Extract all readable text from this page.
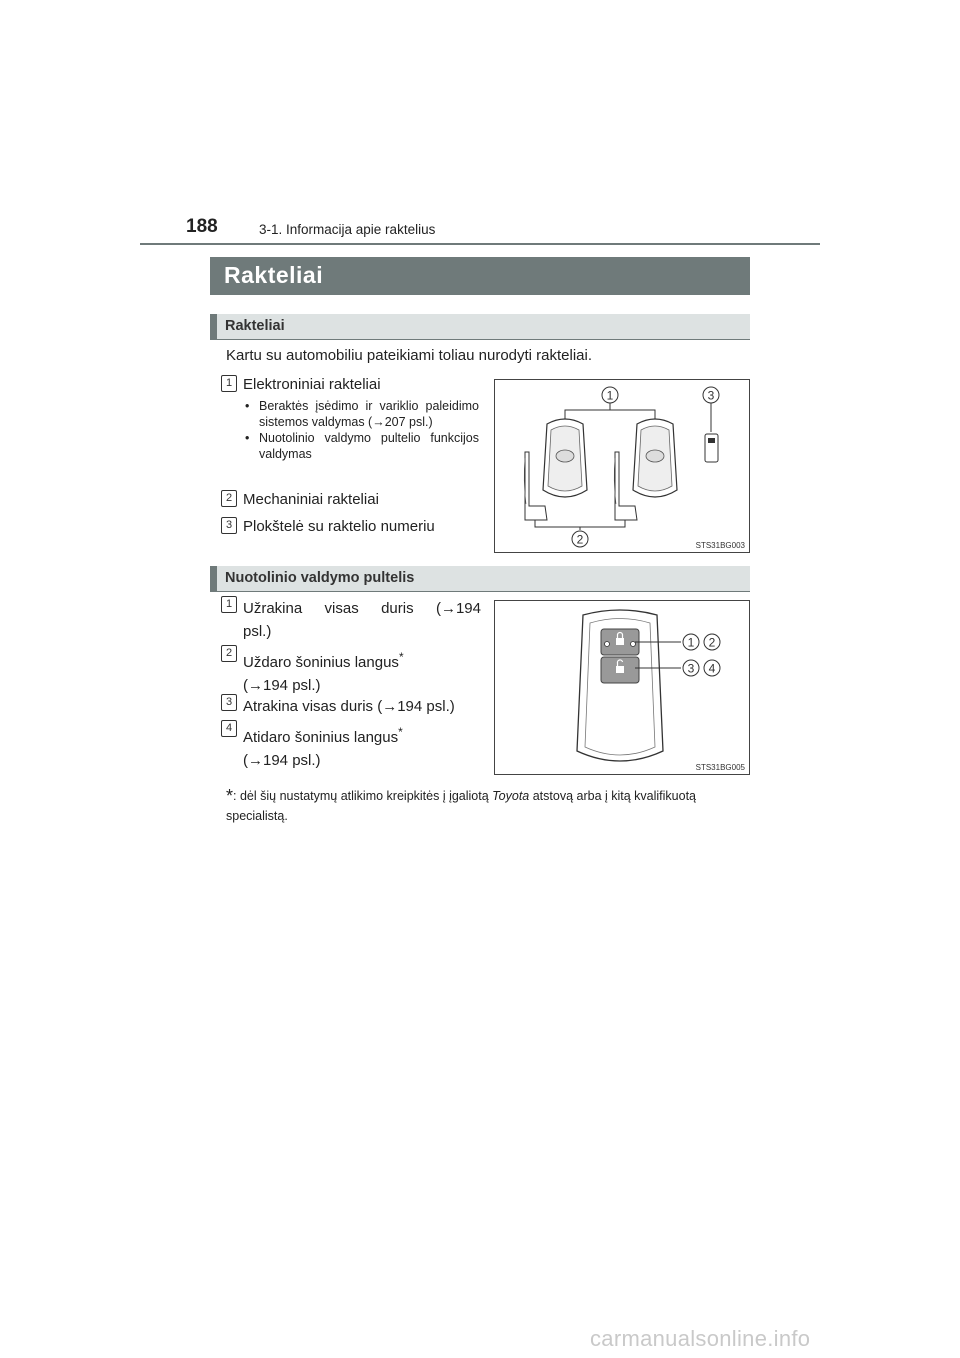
188	3-1. Informacija apie raktelius
Rakteliai
Rakteliai
Kartu su automobiliu pateikiami toliau nurodyti rakteliai.
1 Elektroniniai rakteliai
• Beraktės įsėdimo ir variklio paleidimo sistemos valdymas (→207 psl.)
• Nuotolinio valdymo pultelio funkcijos valdymas
2 Mechaniniai rakteliai
3 Plokštelė su raktelio numeriu
1	3
2	STS31BG003
Nuotolinio valdymo pultelis
1 Užrakina visas duris (→194
psl.)
2
Uždaro šoninius langus*
(→194 psl.)
3 Atrakina visas duris (→194 psl.)
4
Atidaro šoninius langus*
(→194 psl.)
1 2
3 4
STS31BG005
*: dėl šių nustatymų atlikimo kreipkitės į įgaliotą Toyota atstovą arba į kitą kvalifikuotą specialistą.
carmanualsonline.info
